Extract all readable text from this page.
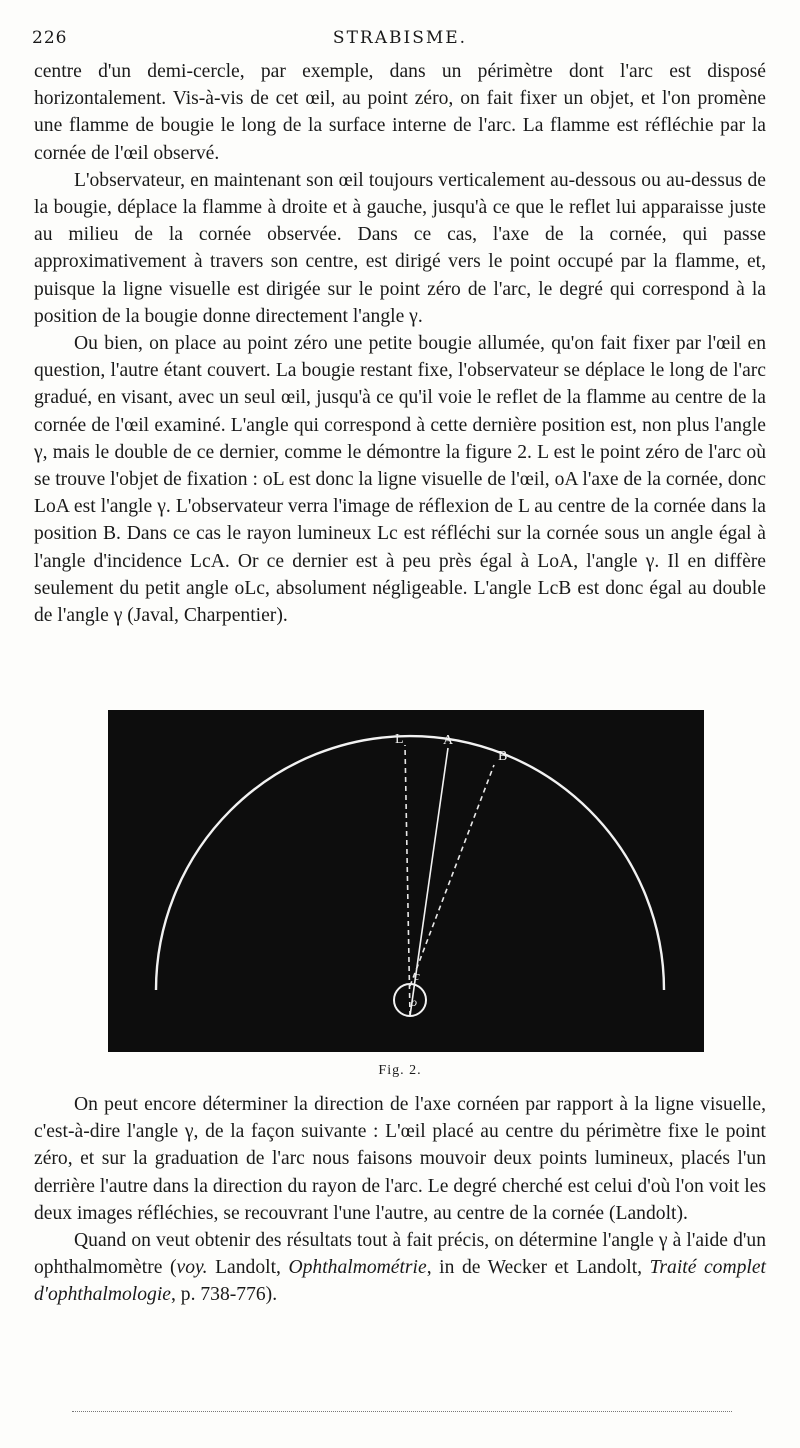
226	STRABISME.

centre d'un demi-cercle, par exemple, dans un périmètre dont l'arc est disposé horizontalement. Vis-à-vis de cet œil, au point zéro, on fait fixer un objet, et l'on promène une flamme de bougie le long de la surface interne de l'arc. La flamme est réfléchie par la cornée de l'œil observé.

L'observateur, en maintenant son œil toujours verticalement au-dessous ou au-dessus de la bougie, déplace la flamme à droite et à gauche, jusqu'à ce que le reflet lui apparaisse juste au milieu de la cornée observée. Dans ce cas, l'axe de la cornée, qui passe approximativement à travers son centre, est dirigé vers le point occupé par la flamme, et, puisque la ligne visuelle est dirigée sur le point zéro de l'arc, le degré qui correspond à la position de la bougie donne directement l'angle γ.

Ou bien, on place au point zéro une petite bougie allumée, qu'on fait fixer par l'œil en question, l'autre étant couvert. La bougie restant fixe, l'observateur se déplace le long de l'arc gradué, en visant, avec un seul œil, jusqu'à ce qu'il voie le reflet de la flamme au centre de la cornée de l'œil examiné. L'angle qui correspond à cette dernière position est, non plus l'angle γ, mais le double de ce dernier, comme le démontre la figure 2. L est le point zéro de l'arc où se trouve l'objet de fixation : oL est donc la ligne visuelle de l'œil, oA l'axe de la cornée, donc LoA est l'angle γ. L'observateur verra l'image de réflexion de L au centre de la cornée dans la position B. Dans ce cas le rayon lumineux Lc est réfléchi sur la cornée sous un angle égal à l'angle d'incidence LcA. Or ce dernier est à peu près égal à LoA, l'angle γ. Il en diffère seulement du petit angle oLc, absolument négligeable. L'angle LcB est donc égal au double de l'angle γ (Javal, Charpentier).

L	A
B
c
o
Fig. 2.

On peut encore déterminer la direction de l'axe cornéen par rapport à la ligne visuelle, c'est-à-dire l'angle γ, de la façon suivante : L'œil placé au centre du périmètre fixe le point zéro, et sur la graduation de l'arc nous faisons mouvoir deux points lumineux, placés l'un derrière l'autre dans la direction du rayon de l'arc. Le degré cherché est celui d'où l'on voit les deux images réfléchies, se recouvrant l'une l'autre, au centre de la cornée (Landolt).

Quand on veut obtenir des résultats tout à fait précis, on détermine l'angle γ à l'aide d'un ophthalmomètre (voy. Landolt, Ophthalmométrie, in de Wecker et Landolt, Traité complet d'ophthalmologie, p. 738-776).
